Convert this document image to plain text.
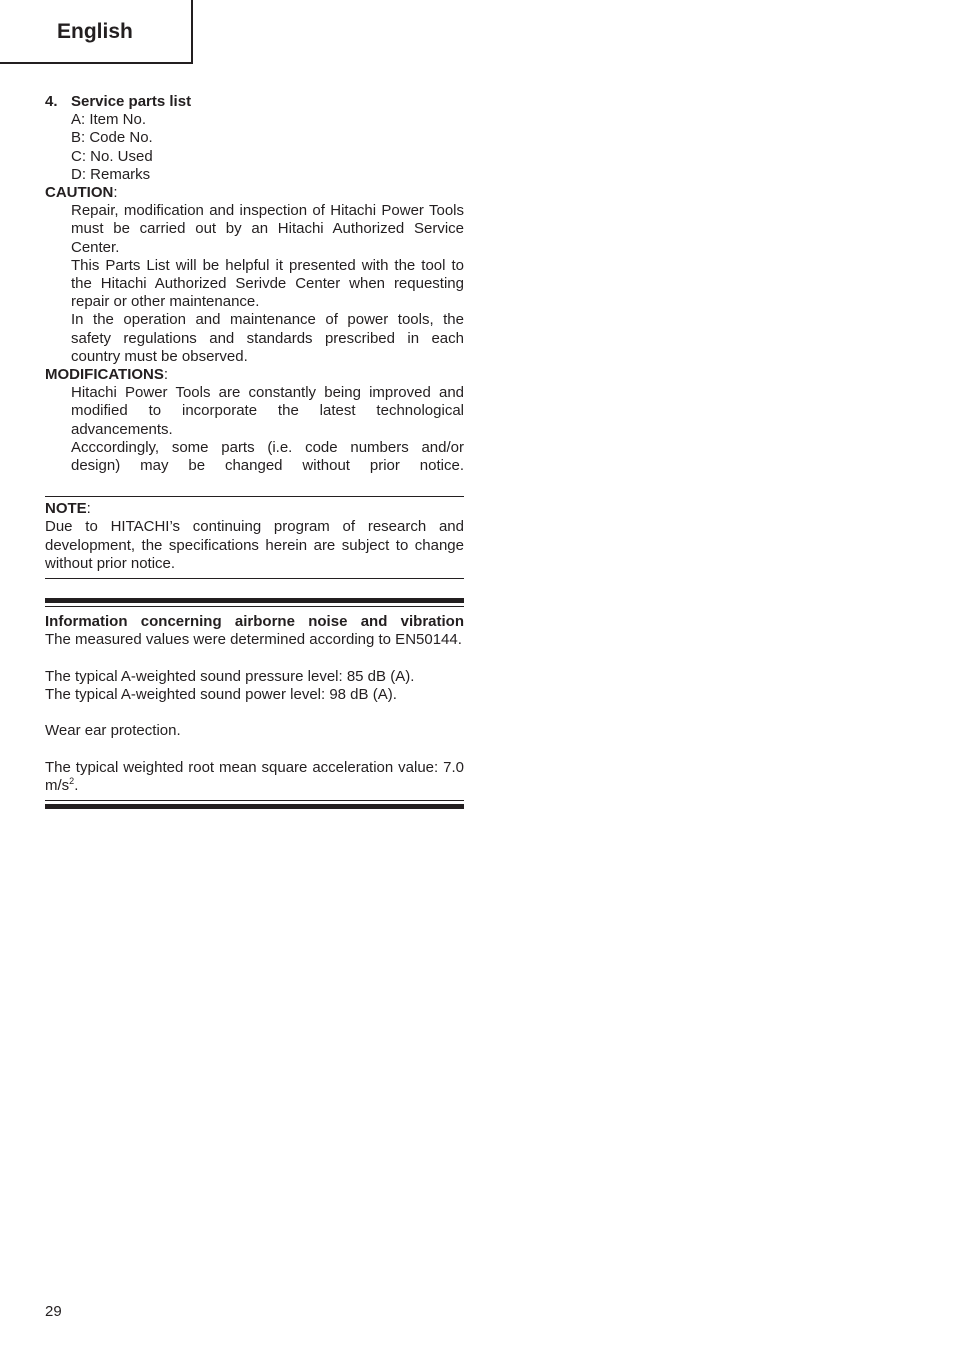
English
4. Service parts list
A: Item No.
B: Code No.
C: No. Used
D: Remarks
CAUTION:
Repair, modification and inspection of Hitachi Power Tools must be carried out by an Hitachi Authorized Service Center.
This Parts List will be helpful it presented with the tool to the Hitachi Authorized Serivde Center when requesting repair or other maintenance.
In the operation and maintenance of power tools, the safety regulations and standards prescribed in each country must be observed.
MODIFICATIONS:
Hitachi Power Tools are constantly being improved and modified to incorporate the latest technological advancements.
Acccordingly, some parts (i.e. code numbers and/or design) may be changed without prior notice.
NOTE:
Due to HITACHI’s continuing program of research and development, the specifications herein are subject to change without prior notice.
Information concerning airborne noise and vibration
The measured values were determined according to EN50144.
The typical A-weighted sound pressure level: 85 dB (A).
The typical A-weighted sound power level: 98 dB (A).
Wear ear protection.
The typical weighted root mean square acceleration value: 7.0 $m/s^2$.
29
